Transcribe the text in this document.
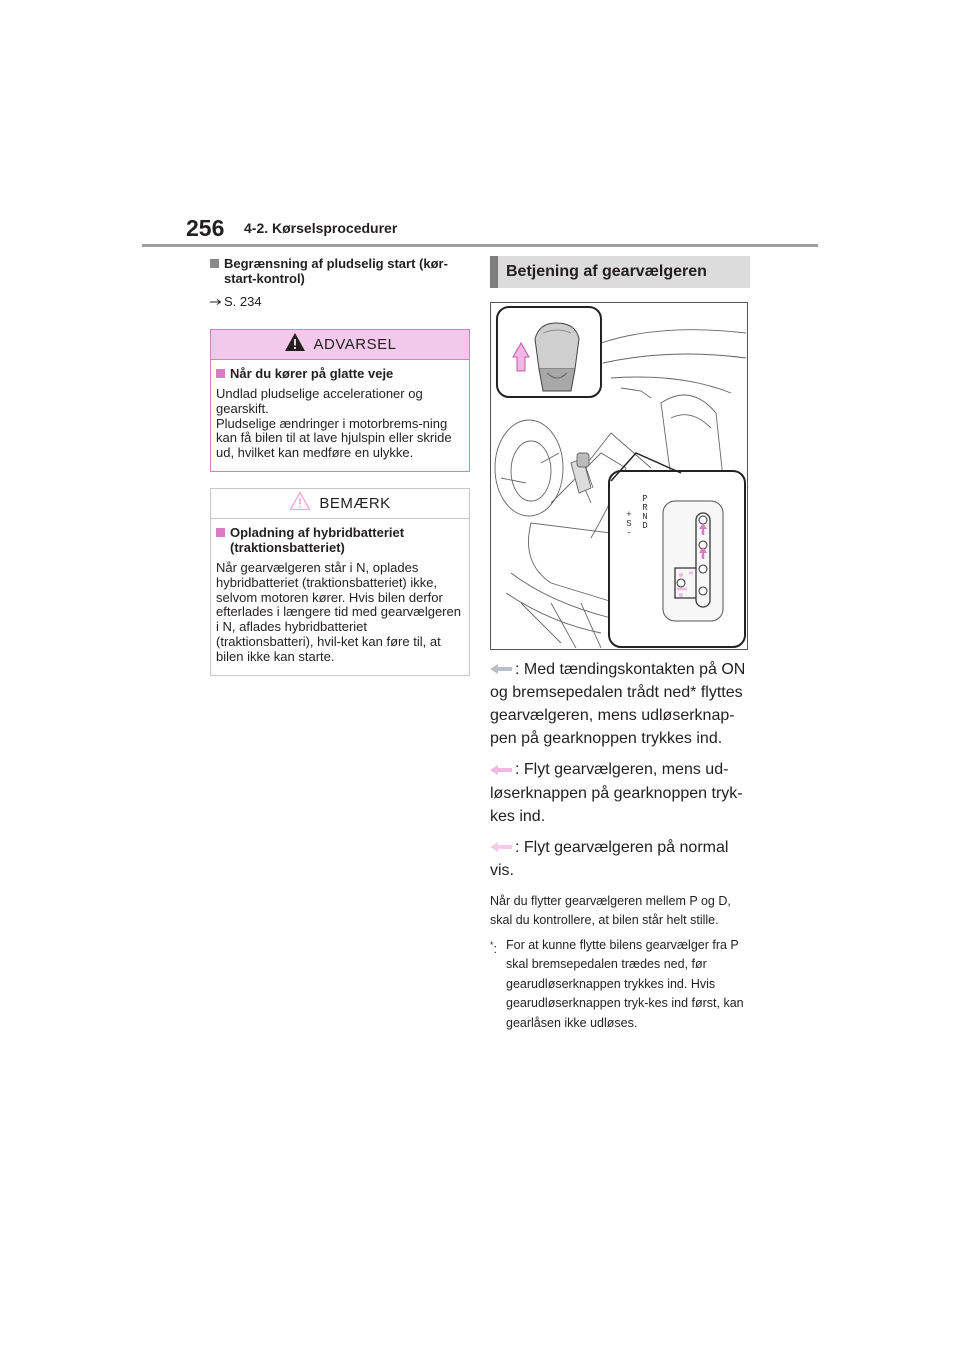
256 4-2. Kørselsprocedurer
Begrænsning af pludselig start (kør-start-kontrol)
S. 234
ADVARSEL
Når du kører på glatte veje
Undlad pludselige accelerationer og gearskift.
Pludselige ændringer i motorbrems-ning kan få bilen til at lave hjulspin eller skride ud, hvilket kan medføre en ulykke.
BEMÆRK
Opladning af hybridbatteriet (traktionsbatteriet)
Når gearvælgeren står i N, oplades hybridbatteriet (traktionsbatteriet) ikke, selvom motoren kører. Hvis bilen derfor efterlades i længere tid med gearvælgeren i N, aflades hybridbatteriet (traktionsbatteri), hvil-ket kan føre til, at bilen ikke kan starte.
Betjening af gearvælgeren
P
R
N
D
+
S
-
: Med tændingskontakten på ON og bremsepedalen trådt ned* flyttes gearvælgeren, mens udløserknap-pen på gearknoppen trykkes ind.
: Flyt gearvælgeren, mens ud-løserknappen på gearknoppen tryk-kes ind.
: Flyt gearvælgeren på normal vis.
Når du flytter gearvælgeren mellem P og D, skal du kontrollere, at bilen står helt stille.
*: For at kunne flytte bilens gearvælger fra P skal bremsepedalen trædes ned, før gearudløserknappen trykkes ind. Hvis gearudløserknappen tryk-kes ind først, kan gearlåsen ikke udløses.
